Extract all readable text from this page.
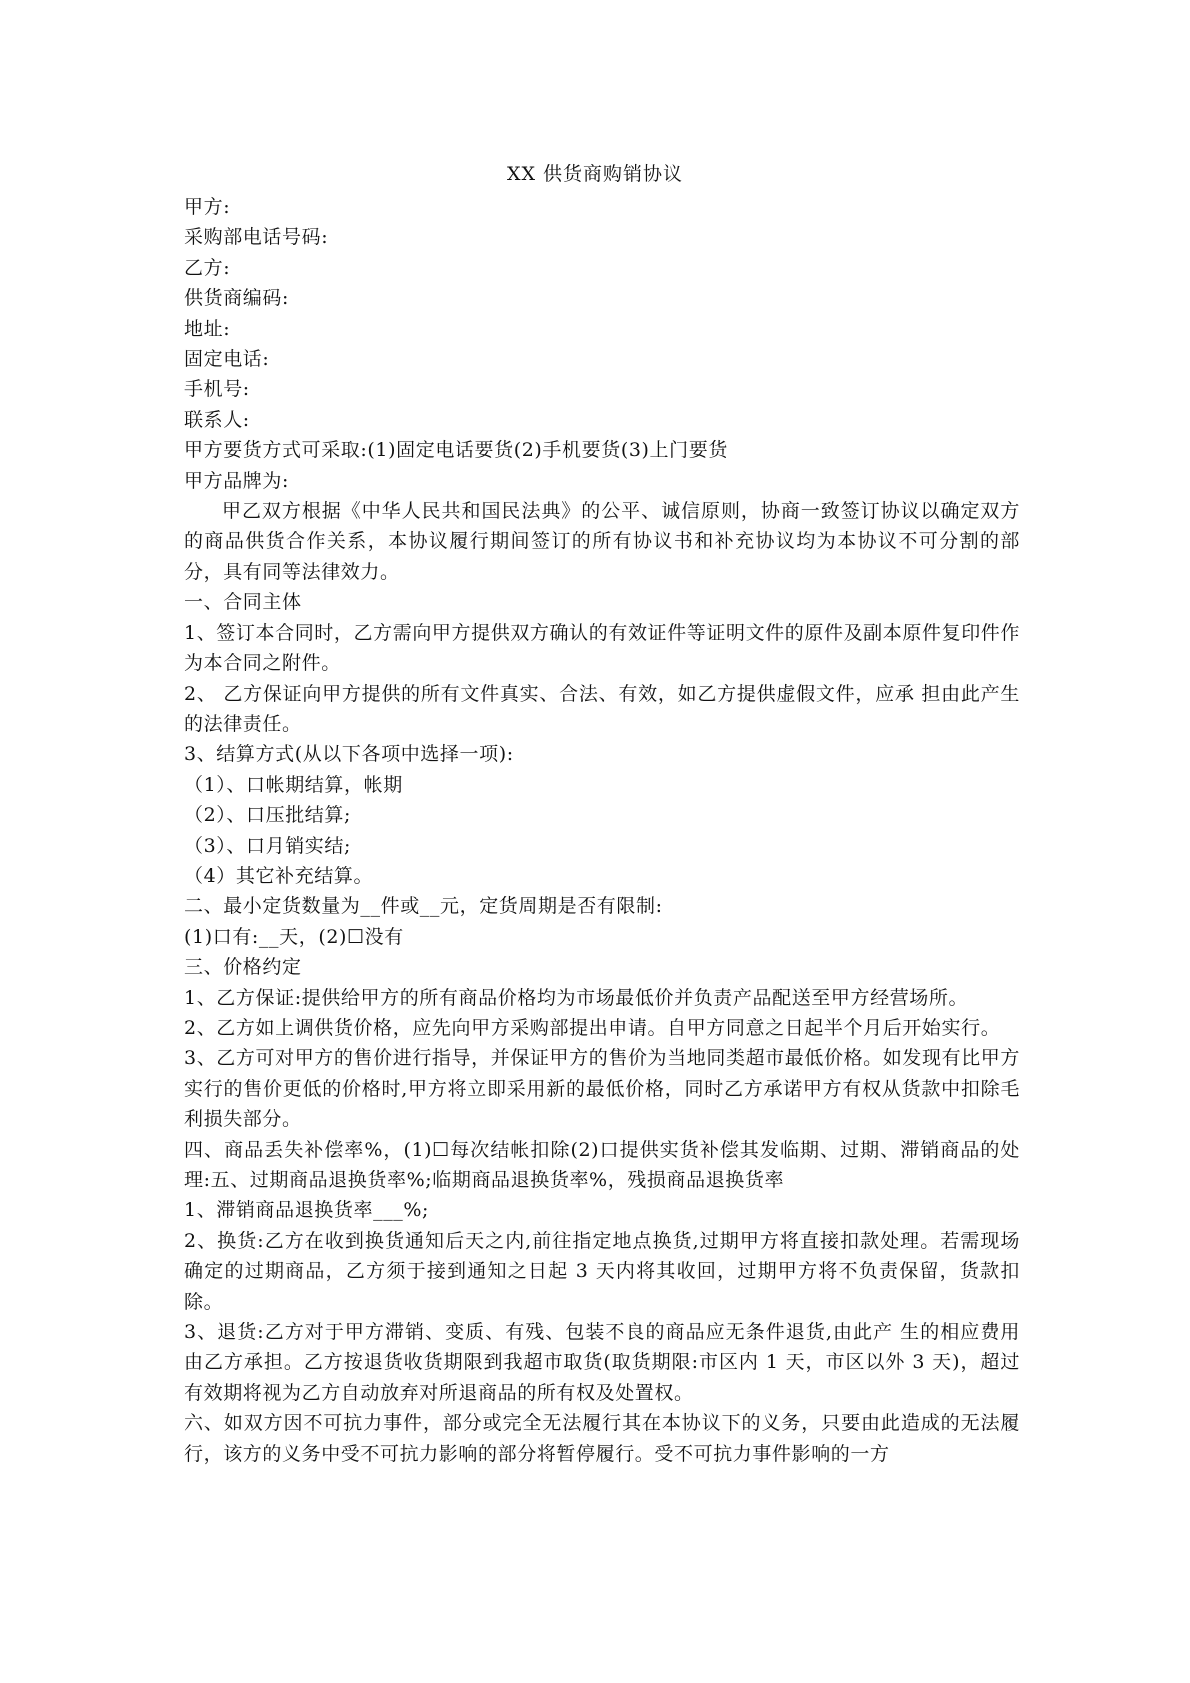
XX 供货商购销协议

甲方:

采购部电话号码:

乙方:

供货商编码:

地址:

固定电话:

手机号:

联系人:

甲方要货方式可采取:(1)固定电话要货(2)手机要货(3)上门要货

甲方品牌为:

甲乙双方根据《中华人民共和国民法典》的公平、诚信原则，协商一致签订协议以确定双方的商品供货合作关系，本协议履行期间签订的所有协议书和补充协议均为本协议不可分割的部分，具有同等法律效力。

一、合同主体

1、签订本合同时，乙方需向甲方提供双方确认的有效证件等证明文件的原件及副本原件复印件作为本合同之附件。

2、 乙方保证向甲方提供的所有文件真实、合法、有效，如乙方提供虚假文件，应承 担由此产生的法律责任。

3、结算方式(从以下各项中选择一项):

（1）、口帐期结算，帐期

（2）、口压批结算;

（3）、口月销实结;

（4）其它补充结算。

二、最小定货数量为__件或__元，定货周期是否有限制:

(1)口有:__天，(2)☐没有

三、价格约定

1、乙方保证:提供给甲方的所有商品价格均为市场最低价并负责产品配送至甲方经营场所。

2、乙方如上调供货价格，应先向甲方采购部提出申请。自甲方同意之日起半个月后开始实行。

3、乙方可对甲方的售价进行指导，并保证甲方的售价为当地同类超市最低价格。如发现有比甲方实行的售价更低的价格时,甲方将立即采用新的最低价格，同时乙方承诺甲方有权从货款中扣除毛利损失部分。

四、商品丢失补偿率%，(1)☐每次结帐扣除(2)口提供实货补偿其发临期、过期、滞销商品的处理:五、过期商品退换货率%;临期商品退换货率%，残损商品退换货率

1、滞销商品退换货率___%;

2、换货:乙方在收到换货通知后天之内,前往指定地点换货,过期甲方将直接扣款处理。若需现场确定的过期商品，乙方须于接到通知之日起 3 天内将其收回，过期甲方将不负责保留，货款扣除。

3、退货:乙方对于甲方滞销、变质、有残、包装不良的商品应无条件退货,由此产 生的相应费用由乙方承担。乙方按退货收货期限到我超市取货(取货期限:市区内 1 天，市区以外 3 天)，超过有效期将视为乙方自动放弃对所退商品的所有权及处置权。

六、如双方因不可抗力事件，部分或完全无法履行其在本协议下的义务，只要由此造成的无法履行，该方的义务中受不可抗力影响的部分将暂停履行。受不可抗力事件影响的一方
